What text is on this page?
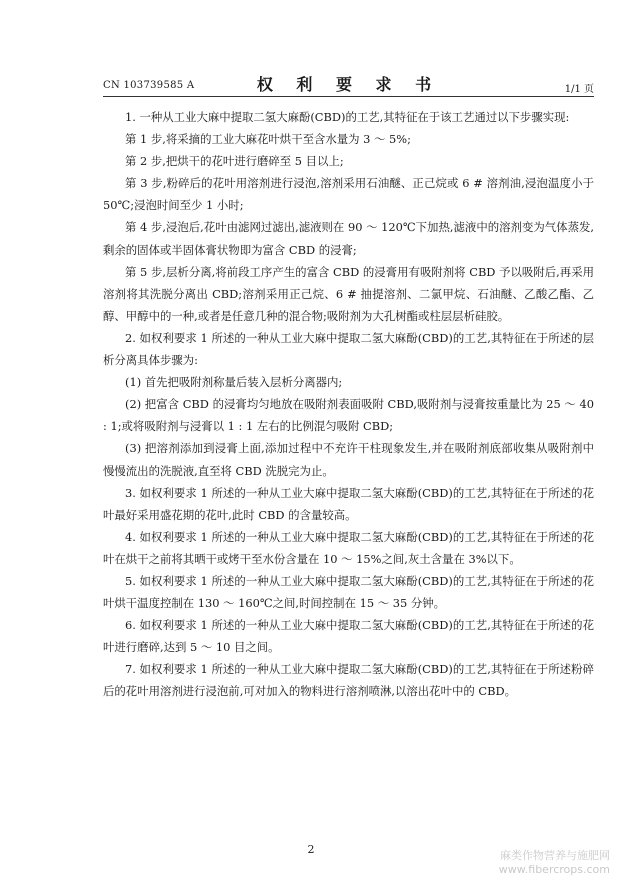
CN 103739585 A	权 利 要 求 书	1/1 页

1. 一种从工业大麻中提取二氢大麻酚(CBD)的工艺,其特征在于该工艺通过以下步骤实现:

第 1 步,将采摘的工业大麻花叶烘干至含水量为 3 ～ 5%;

第 2 步,把烘干的花叶进行磨碎至 5 目以上;

第 3 步,粉碎后的花叶用溶剂进行浸泡,溶剂采用石油醚、正己烷或 6 # 溶剂油,浸泡温度小于 50℃;浸泡时间至少 1 小时;

第 4 步,浸泡后,花叶由滤网过滤出,滤液则在 90 ～ 120℃下加热,滤液中的溶剂变为气体蒸发,剩余的固体或半固体膏状物即为富含 CBD 的浸膏;

第 5 步,层析分离,将前段工序产生的富含 CBD 的浸膏用有吸附剂将 CBD 予以吸附后,再采用溶剂将其洗脱分离出 CBD;溶剂采用正己烷、6 # 抽提溶剂、二氯甲烷、石油醚、乙酸乙酯、乙醇、甲醇中的一种,或者是任意几种的混合物;吸附剂为大孔树酯或柱层层析硅胶。

2. 如权利要求 1 所述的一种从工业大麻中提取二氢大麻酚(CBD)的工艺,其特征在于所述的层析分离具体步骤为:

(1) 首先把吸附剂称量后装入层析分离器内;

(2) 把富含 CBD 的浸膏均匀地放在吸附剂表面吸附 CBD,吸附剂与浸膏按重量比为 25 ～ 40 : 1;或将吸附剂与浸膏以 1 : 1 左右的比例混匀吸附 CBD;

(3) 把溶剂添加到浸膏上面,添加过程中不充许干柱现象发生,并在吸附剂底部收集从吸附剂中慢慢流出的洗脱液,直至将 CBD 洗脱完为止。

3. 如权利要求 1 所述的一种从工业大麻中提取二氢大麻酚(CBD)的工艺,其特征在于所述的花叶最好采用盛花期的花叶,此时 CBD 的含量较高。

4. 如权利要求 1 所述的一种从工业大麻中提取二氢大麻酚(CBD)的工艺,其特征在于所述的花叶在烘干之前将其晒干或烤干至水份含量在 10 ～ 15%之间,灰土含量在 3%以下。

5. 如权利要求 1 所述的一种从工业大麻中提取二氢大麻酚(CBD)的工艺,其特征在于所述的花叶烘干温度控制在 130 ～ 160℃之间,时间控制在 15 ～ 35 分钟。

6. 如权利要求 1 所述的一种从工业大麻中提取二氢大麻酚(CBD)的工艺,其特征在于所述的花叶进行磨碎,达到 5 ～ 10 目之间。

7. 如权利要求 1 所述的一种从工业大麻中提取二氢大麻酚(CBD)的工艺,其特征在于所述粉碎后的花叶用溶剂进行浸泡前,可对加入的物料进行溶剂喷淋,以溶出花叶中的 CBD。

2	麻类作物营养与施肥网
www.fibercrops.com
